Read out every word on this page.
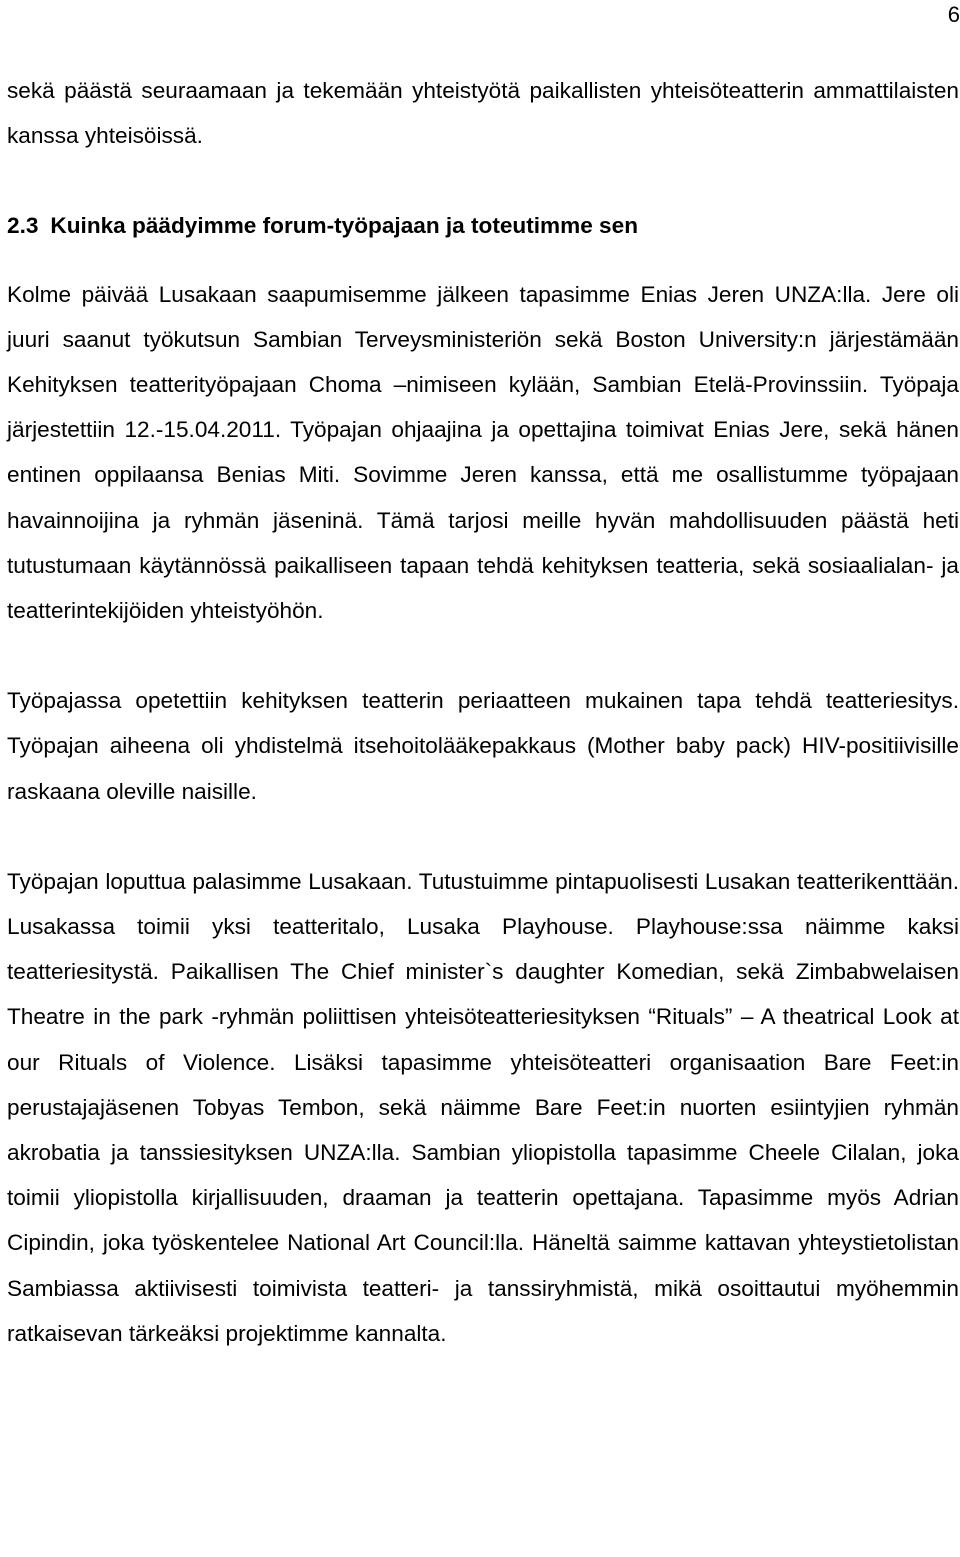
6

sekä päästä seuraamaan ja tekemään yhteistyötä paikallisten yhteisöteatterin ammattilaisten kanssa yhteisöissä.

2.3 Kuinka päädyimme forum-työpajaan ja toteutimme sen

Kolme päivää Lusakaan saapumisemme jälkeen tapasimme Enias Jeren UNZA:lla. Jere oli juuri saanut työkutsun Sambian Terveysministeriön sekä Boston University:n järjestämään Kehityksen teatterityöpajaan Choma –nimiseen kylään, Sambian Etelä-Provinssiin. Työpaja järjestettiin 12.-15.04.2011. Työpajan ohjaajina ja opettajina toimivat Enias Jere, sekä hänen entinen oppilaansa Benias Miti. Sovimme Jeren kanssa, että me osallistumme työpajaan havainnoijina ja ryhmän jäseninä. Tämä tarjosi meille hyvän mahdollisuuden päästä heti tutustumaan käytännössä paikalliseen tapaan tehdä kehityksen teatteria, sekä sosiaalialan- ja teatterintekijöiden yhteistyöhön.

Työpajassa opetettiin kehityksen teatterin periaatteen mukainen tapa tehdä teatteriesitys. Työpajan aiheena oli yhdistelmä itsehoitolääkepakkaus (Mother baby pack) HIV-positiivisille raskaana oleville naisille.

Työpajan loputtua palasimme Lusakaan. Tutustuimme pintapuolisesti Lusakan teatterikenttään. Lusakassa toimii yksi teatteritalo, Lusaka Playhouse. Playhouse:ssa näimme kaksi teatteriesitystä. Paikallisen The Chief minister`s daughter Komedian, sekä Zimbabwelaisen Theatre in the park -ryhmän poliittisen yhteisöteatteriesityksen “Rituals” – A theatrical Look at our Rituals of Violence. Lisäksi tapasimme yhteisöteatteri organisaation Bare Feet:in perustajajäsenen Tobyas Tembon, sekä näimme Bare Feet:in nuorten esiintyjien ryhmän akrobatia ja tanssiesityksen UNZA:lla. Sambian yliopistolla tapasimme Cheele Cilalan, joka toimii yliopistolla kirjallisuuden, draaman ja teatterin opettajana. Tapasimme myös Adrian Cipindin, joka työskentelee National Art Council:lla. Häneltä saimme kattavan yhteystietolistan Sambiassa aktiivisesti toimivista teatteri- ja tanssiryhmistä, mikä osoittautui myöhemmin ratkaisevan tärkeäksi projektimme kannalta.
